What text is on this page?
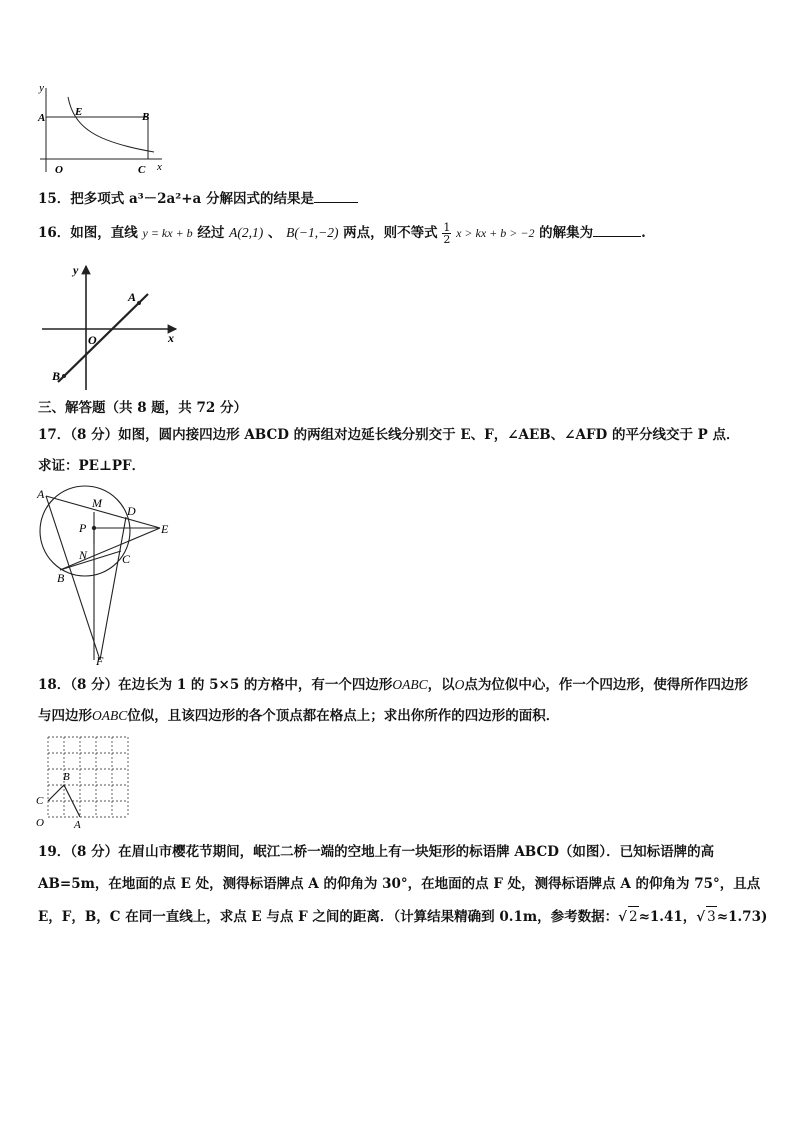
y
x
A	E	B
O	C
15．把多项式 a³－2a²+a 分解因式的结果是
16．如图，直线 y = kx + b 经过 A(2,1) 、 B(−1,−2) 两点，则不等式 $\frac{1}{2}$ x > kx + b > −2 的解集为	.
y
x
O
A
B
三、解答题（共 8 题，共 72 分）
17．（8 分）如图，圆内接四边形 ABCD 的两组对边延长线分别交于 E、F，∠AEB、∠AFD 的平分线交于 P 点．
求证：PE⊥PF．
A
M
D
E
P
N	C
B
F
18．（8 分）在边长为 1 的 5×5 的方格中，有一个四边形OABC，以O点为位似中心，作一个四边形，使得所作四边形
与四边形OABC位似，且该四边形的各个顶点都在格点上；求出你所作的四边形的面积．
B
C
O	A
19．（8 分）在眉山市樱花节期间，岷江二桥一端的空地上有一块矩形的标语牌 ABCD（如图）．已知标语牌的高
AB=5m，在地面的点 E 处，测得标语牌点 A 的仰角为 30°，在地面的点 F 处，测得标语牌点 A 的仰角为 75°，且点
E，F，B，C 在同一直线上，求点 E 与点 F 之间的距离．（计算结果精确到 0.1m，参考数据：√ 2≈1.41，√ 3≈1.73)
